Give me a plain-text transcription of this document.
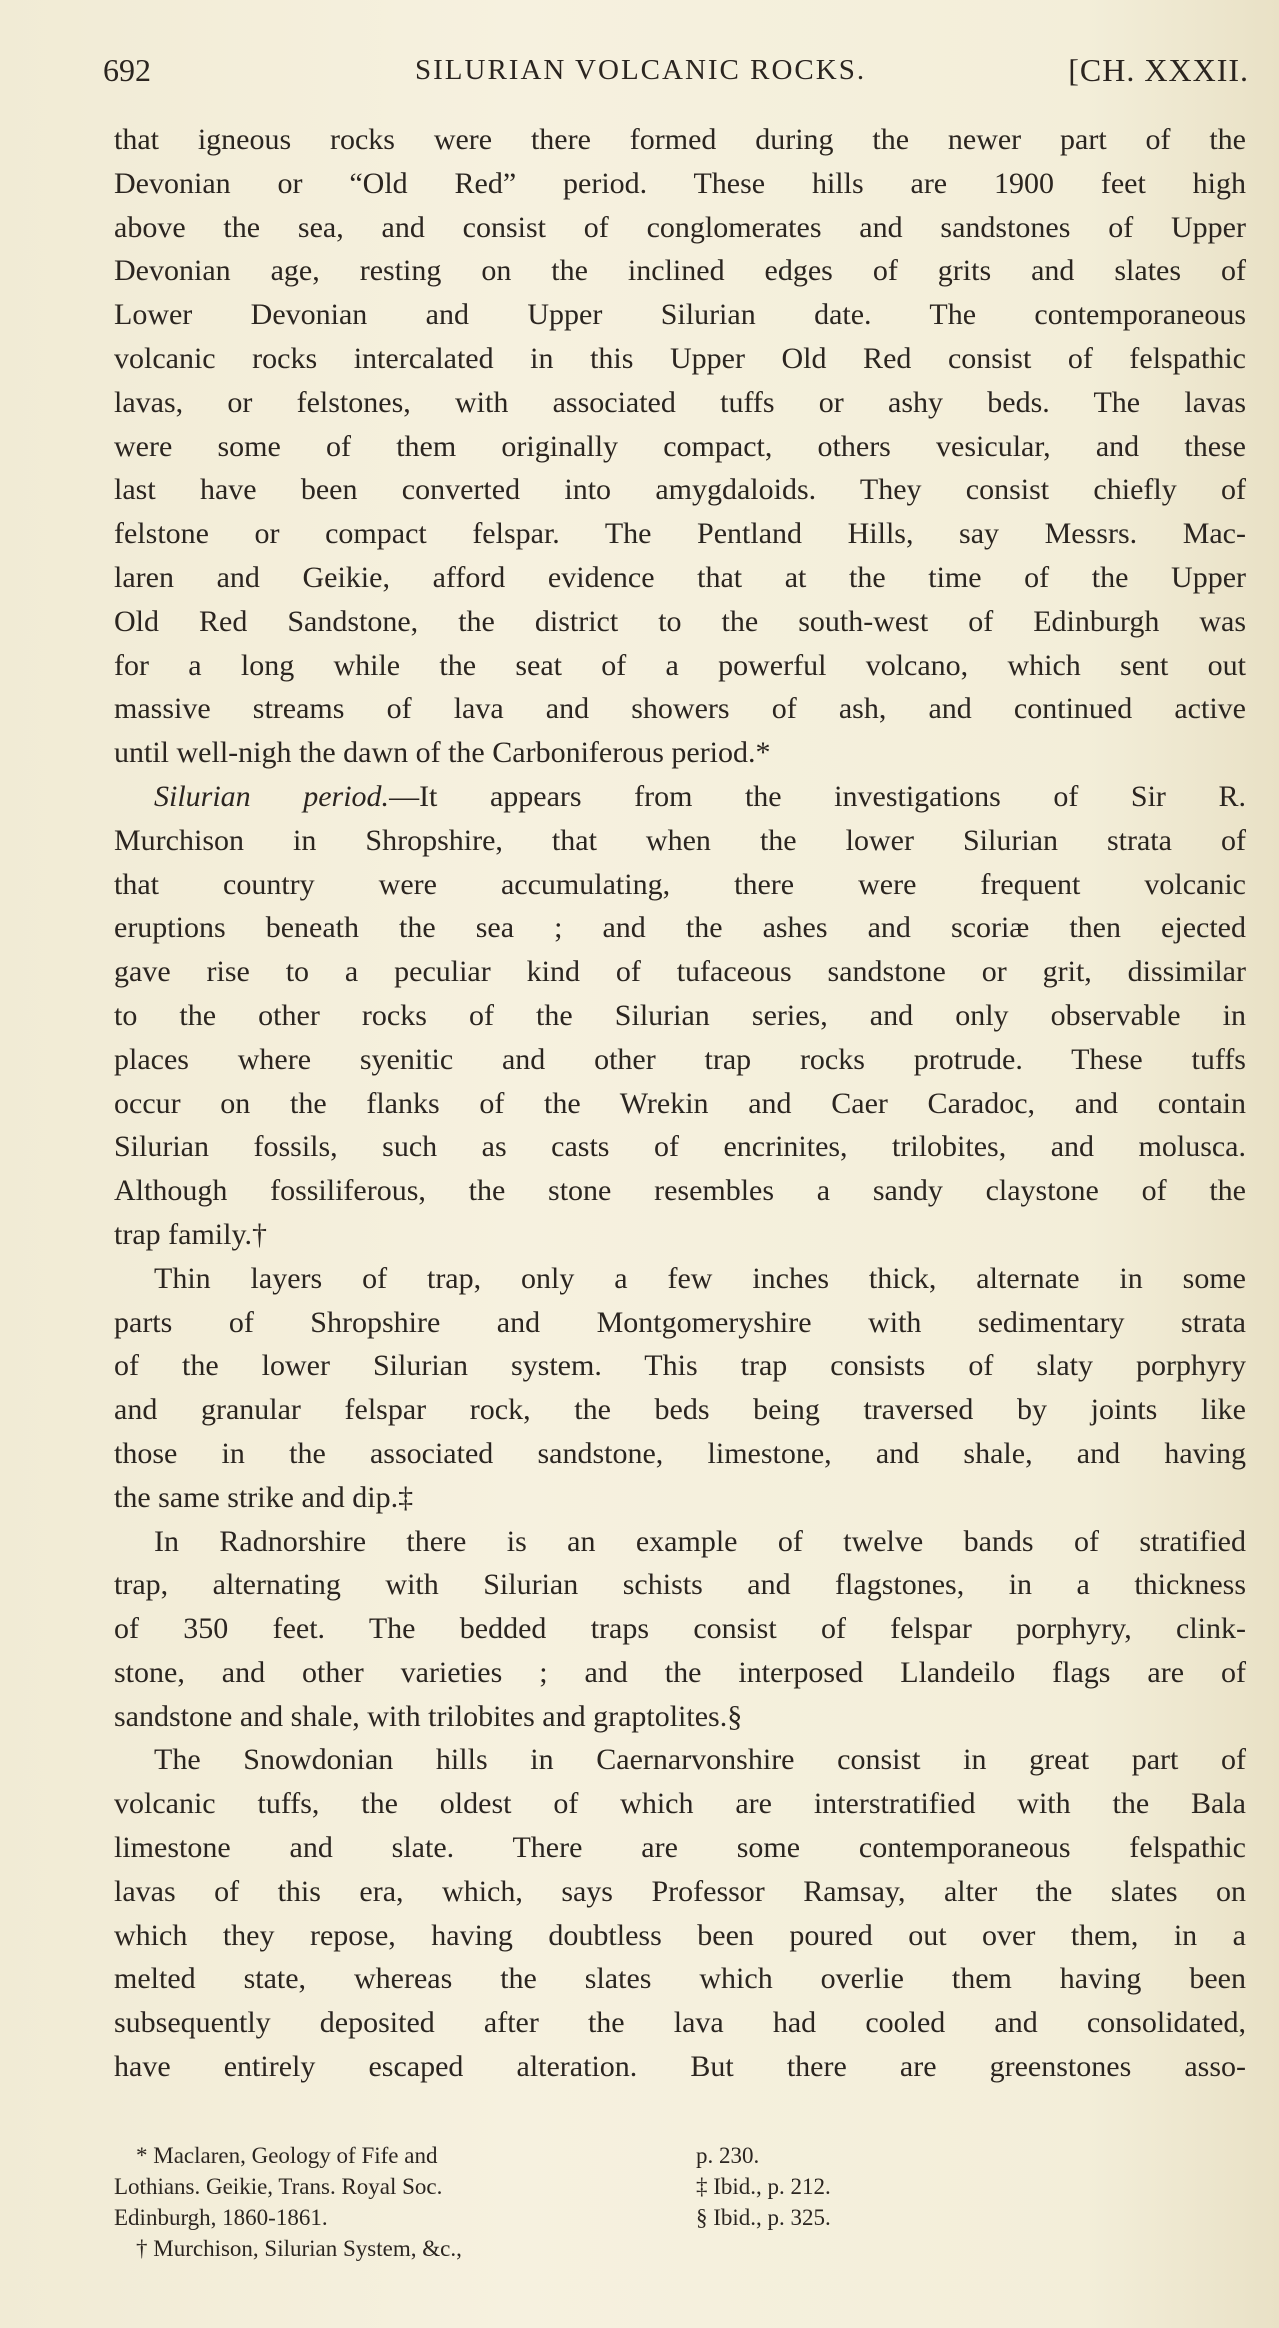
692	SILURIAN VOLCANIC ROCKS.	[CH. XXXII.
that igneous rocks were there formed during the newer part of the
Devonian or “Old Red” period. These hills are 1900 feet high
above the sea, and consist of conglomerates and sandstones of Upper
Devonian age, resting on the inclined edges of grits and slates of
Lower Devonian and Upper Silurian date. The contemporaneous
volcanic rocks intercalated in this Upper Old Red consist of felspathic
lavas, or felstones, with associated tuffs or ashy beds. The lavas
were some of them originally compact, others vesicular, and these
last have been converted into amygdaloids. They consist chiefly of
felstone or compact felspar. The Pentland Hills, say Messrs. Mac-
laren and Geikie, afford evidence that at the time of the Upper
Old Red Sandstone, the district to the south-west of Edinburgh was
for a long while the seat of a powerful volcano, which sent out
massive streams of lava and showers of ash, and continued active
until well-nigh the dawn of the Carboniferous period.*
Silurian period.—It appears from the investigations of Sir R.
Murchison in Shropshire, that when the lower Silurian strata of
that country were accumulating, there were frequent volcanic
eruptions beneath the sea ; and the ashes and scoriæ then ejected
gave rise to a peculiar kind of tufaceous sandstone or grit, dissimilar
to the other rocks of the Silurian series, and only observable in
places where syenitic and other trap rocks protrude. These tuffs
occur on the flanks of the Wrekin and Caer Caradoc, and contain
Silurian fossils, such as casts of encrinites, trilobites, and molusca.
Although fossiliferous, the stone resembles a sandy claystone of the
trap family.†
Thin layers of trap, only a few inches thick, alternate in some
parts of Shropshire and Montgomeryshire with sedimentary strata
of the lower Silurian system. This trap consists of slaty porphyry
and granular felspar rock, the beds being traversed by joints like
those in the associated sandstone, limestone, and shale, and having
the same strike and dip.‡
In Radnorshire there is an example of twelve bands of stratified
trap, alternating with Silurian schists and flagstones, in a thickness
of 350 feet. The bedded traps consist of felspar porphyry, clink-
stone, and other varieties ; and the interposed Llandeilo flags are of
sandstone and shale, with trilobites and graptolites.§
The Snowdonian hills in Caernarvonshire consist in great part of
volcanic tuffs, the oldest of which are interstratified with the Bala
limestone and slate. There are some contemporaneous felspathic
lavas of this era, which, says Professor Ramsay, alter the slates on
which they repose, having doubtless been poured out over them, in a
melted state, whereas the slates which overlie them having been
subsequently deposited after the lava had cooled and consolidated,
have entirely escaped alteration. But there are greenstones asso-
* Maclaren, Geology of Fife and
Lothians. Geikie, Trans. Royal Soc.
Edinburgh, 1860-1861.
† Murchison, Silurian System, &c.,
p. 230.
‡ Ibid., p. 212.
§ Ibid., p. 325.
